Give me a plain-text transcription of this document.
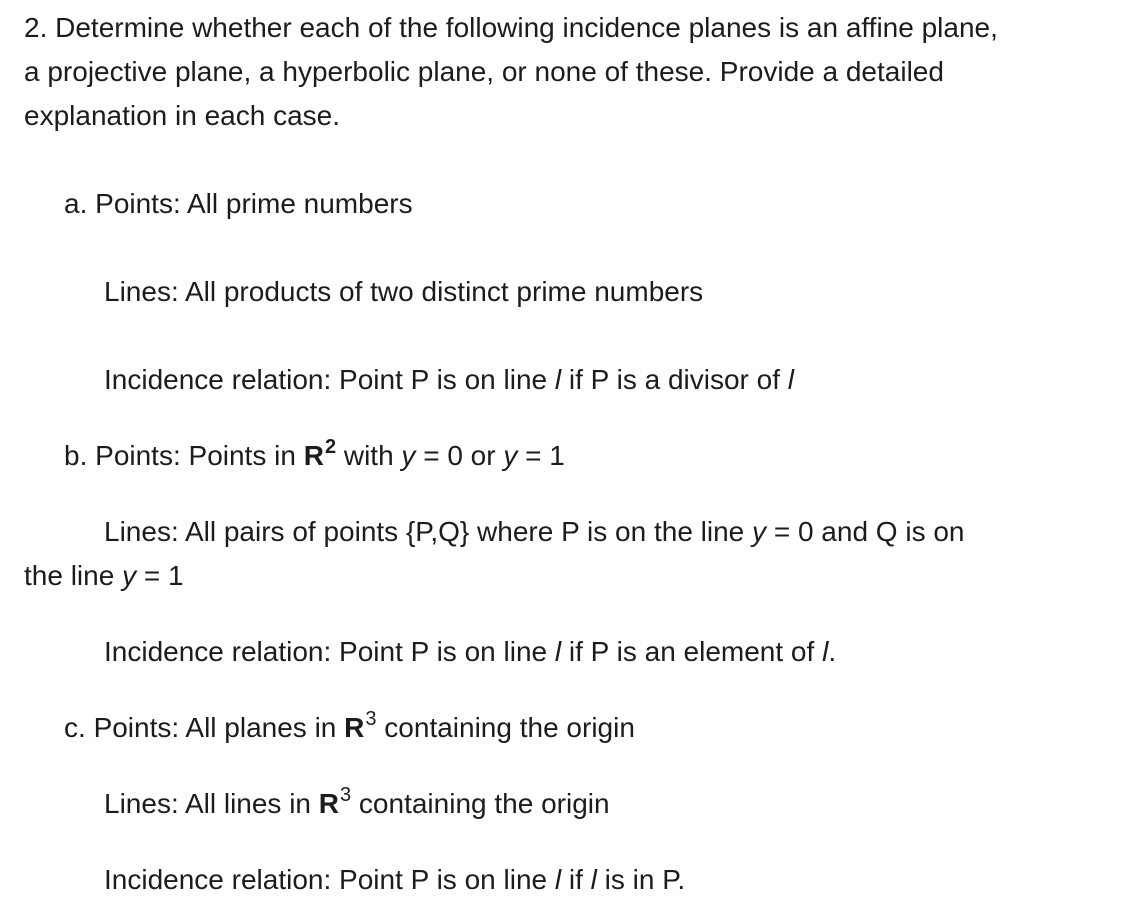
2. Determine whether each of the following incidence planes is an affine plane,
a projective plane, a hyperbolic plane, or none of these. Provide a detailed
explanation in each case.
a. Points: All prime numbers
Lines: All products of two distinct prime numbers
Incidence relation: Point P is on line l if P is a divisor of l
b. Points: Points in $R^2$ with y = 0 or y = 1
Lines: All pairs of points {P,Q} where P is on the line y = 0 and Q is on
the line y = 1
Incidence relation: Point P is on line l if P is an element of l.
c. Points: All planes in $R^3$ containing the origin
Lines: All lines in $R^3$ containing the origin
Incidence relation: Point P is on line l if l is in P.
